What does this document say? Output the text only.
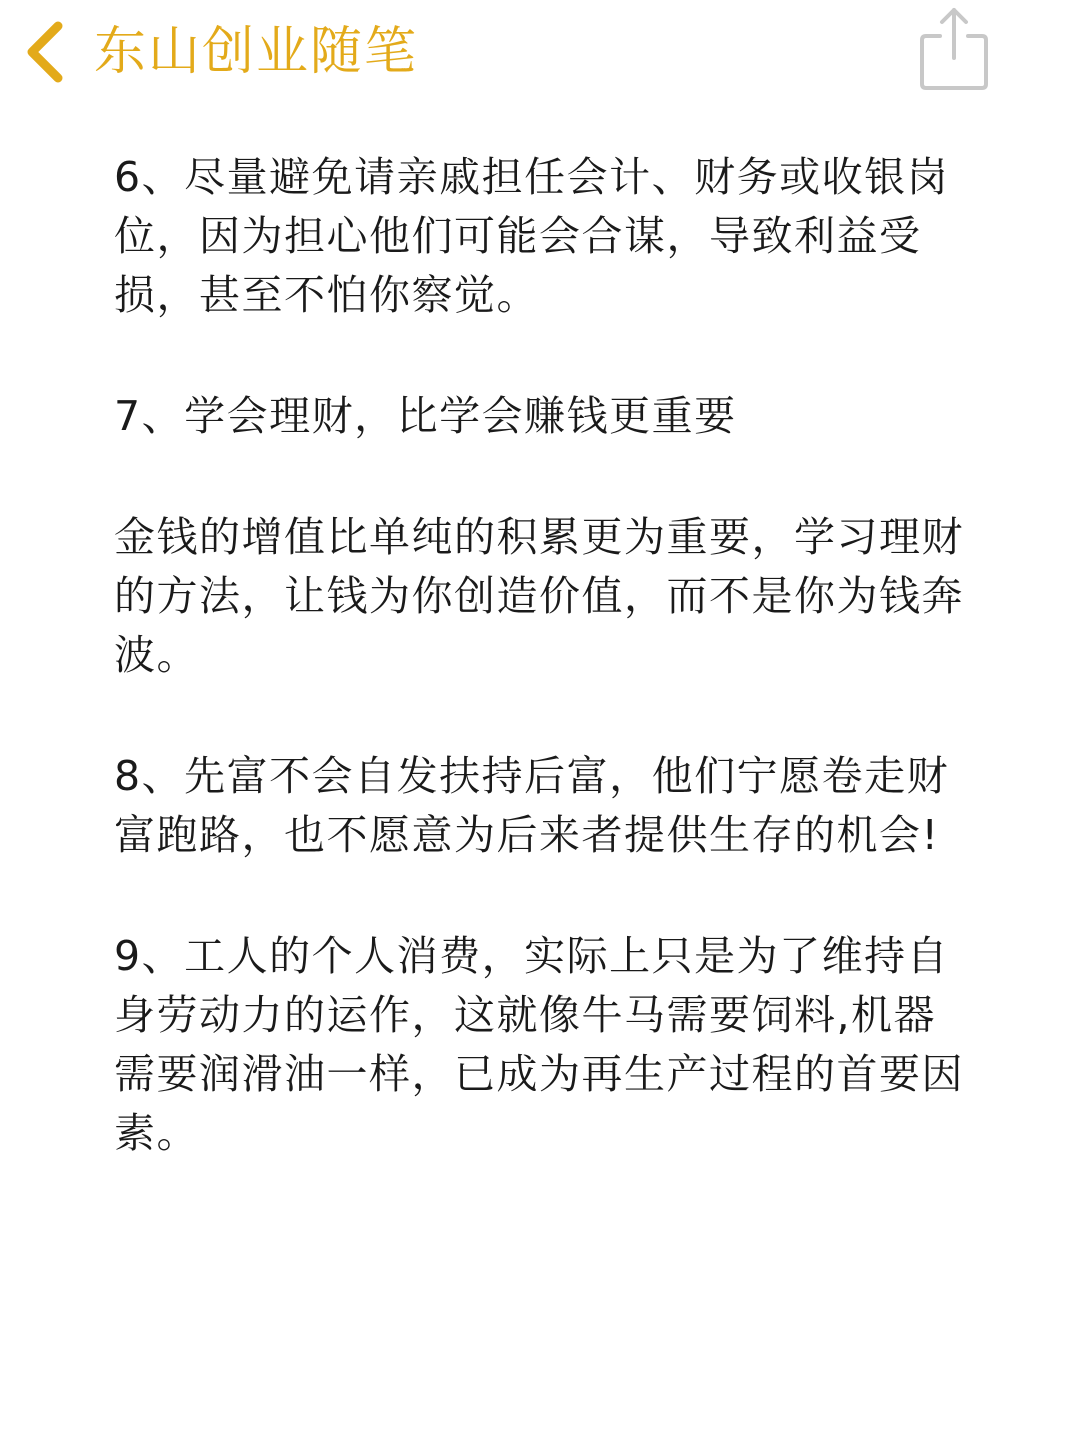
东山创业随笔

6、尽量避免请亲戚担任会计、财务或收银岗
位，因为担心他们可能会合谋，导致利益受
损，甚至不怕你察觉。

7、学会理财，比学会赚钱更重要

金钱的增值比单纯的积累更为重要，学习理财
的方法，让钱为你创造价值，而不是你为钱奔
波。

8、先富不会自发扶持后富，他们宁愿卷走财
富跑路，也不愿意为后来者提供生存的机会!

9、工人的个人消费，实际上只是为了维持自
身劳动力的运作，这就像牛马需要饲料,机器
需要润滑油一样，已成为再生产过程的首要因
素。
